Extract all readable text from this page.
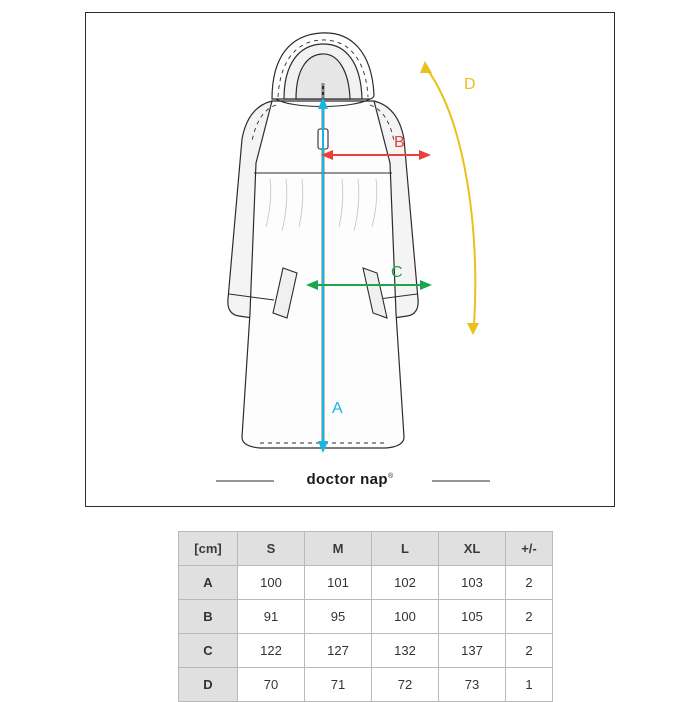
A
B
C
D
doctor nap®
[cm]	S	M	L	XL	+/-
A	100	101	102	103	2
B	91	95	100	105	2
C	122	127	132	137	2
D	70	71	72	73	1
